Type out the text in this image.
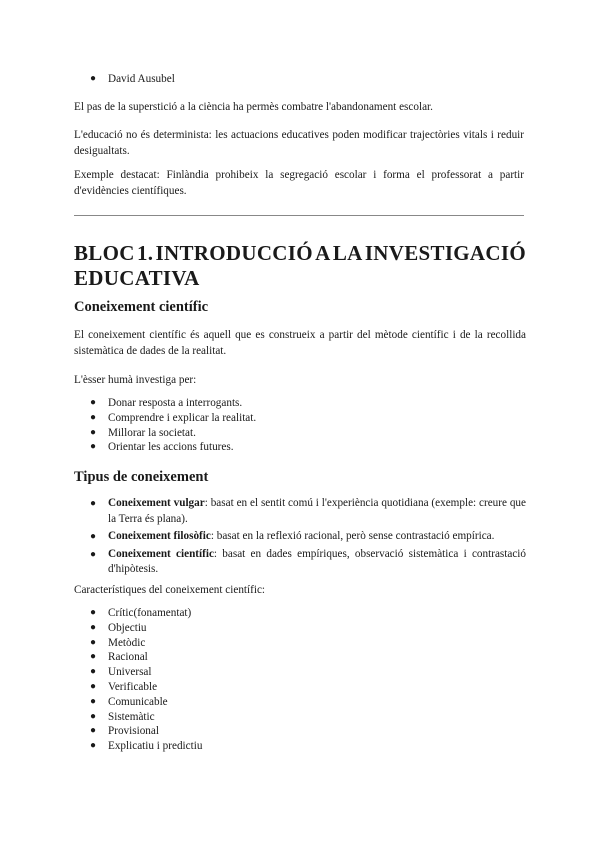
● David Ausubel
El pas de la superstició a la ciència ha permès combatre l'abandonament escolar.
L'educació no és determinista: les actuacions educatives poden modificar trajectòries vitals i reduir desigualtats.
Exemple destacat: Finlàndia prohibeix la segregació escolar i forma el professorat a partir d'evidències científiques.
BLOC 1. INTRODUCCIÓ A LA INVESTIGACIÓ
EDUCATIVA
Coneixement científic
El coneixement científic és aquell que es construeix a partir del mètode científic i de la recollida sistemàtica de dades de la realitat.
L'èsser humà investiga per:
● Donar resposta a interrogants.
● Comprendre i explicar la realitat.
● Millorar la societat.
● Orientar les accions futures.
Tipus de coneixement
● Coneixement vulgar: basat en el sentit comú i l'experiència quotidiana (exemple: creure que la Terra és plana).
● Coneixement filosòfic: basat en la reflexió racional, però sense contrastació empírica.
● Coneixement científic: basat en dades empíriques, observació sistemàtica i contrastació d'hipòtesis.
Característiques del coneixement científic:
● Crític(fonamentat)
● Objectiu
● Metòdic
● Racional
● Universal
● Verificable
● Comunicable
● Sistemàtic
● Provisional
● Explicatiu i predictiu
